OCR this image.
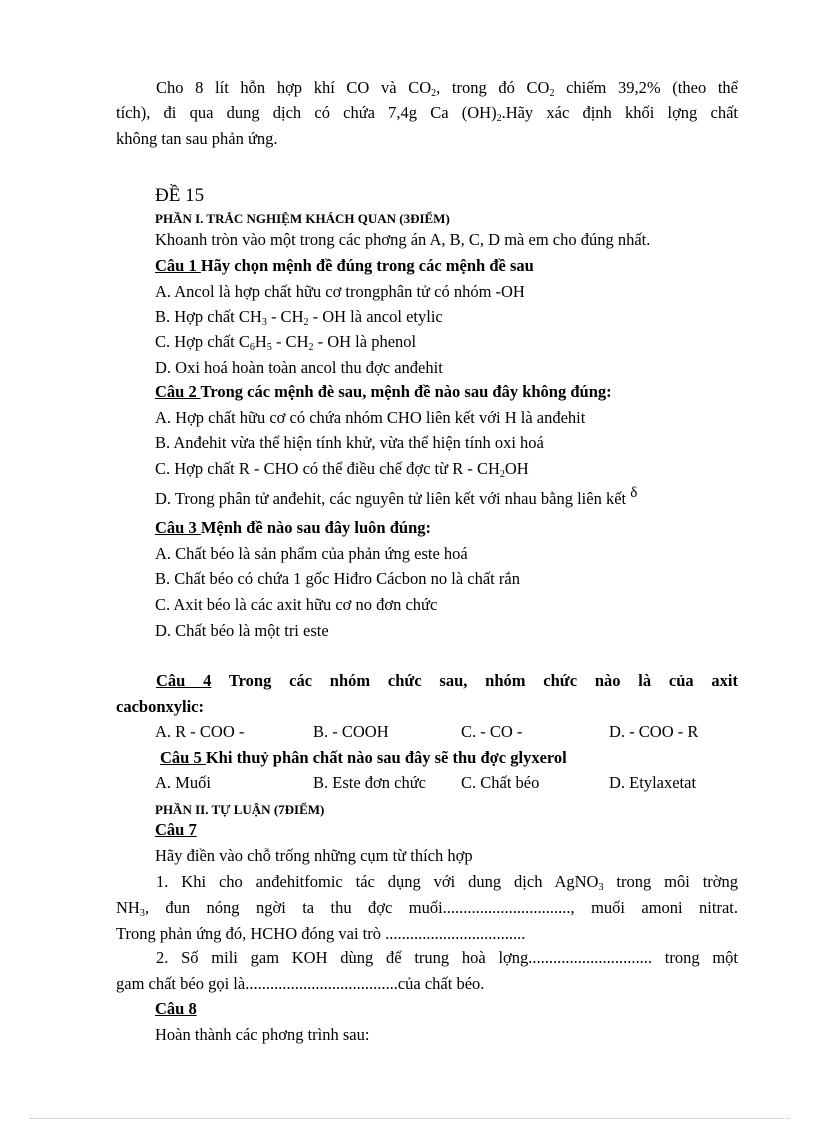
Cho 8 lít hỗn hợp khí CO và $CO_2$, trong đó $CO_2$ chiếm 39,2% (theo thể
tích), đi qua dung dịch có chứa 7,4g Ca $(OH)_2.Hãy$ xác định khối lợng chất
không tan sau phản ứng.
ĐỀ 15
PHẦN I. TRẮC NGHIỆM KHÁCH QUAN (3ĐIỂM)
Khoanh tròn vào một trong các phơng án A, B, C, D mà em cho đúng nhất.
Câu 1 Hãy chọn mệnh đề đúng trong các mệnh đề sau
A. Ancol là hợp chất hữu cơ trongphân tử có nhóm -OH
B. Hợp chất $CH_3 - CH_2$ - OH là ancol etylic
C. Hợp chất $C_6H_5 - CH_2$ - OH là phenol
D. Oxi hoá hoàn toàn ancol thu đợc anđehit
Câu 2 Trong các mệnh đè sau, mệnh đề nào sau đây không đúng:
A. Hợp chất hữu cơ có chứa nhóm CHO liên kết với H là anđehit
B. Anđehit vừa thể hiện tính khử, vừa thể hiện tính oxi hoá
C. Hợp chất R - CHO có thể điều chế đợc từ R - $CH_2OH$
D. Trong phân tử anđehit, các nguyên tử liên kết với nhau bằng liên kết δ
Câu 3 Mệnh đề nào sau đây luôn đúng:
A. Chất béo là sản phẩm của phản ứng este hoá
B. Chất béo có chứa 1 gốc Hiđro Cácbon no là chất rắn
C. Axit béo là các axit hữu cơ no đơn chức
D. Chất béo là một tri este
Câu 4 Trong các nhóm chức sau, nhóm chức nào là của axit
cacbonxylic:
A. R - COO -	B. - COOH	C. - CO -	D. - COO - R
Câu 5 Khi thuỷ phân chất nào sau đây sẽ thu đợc glyxerol
A. Muối	B. Este đơn chức C. Chất béo	D. Etylaxetat
PHẦN II. TỰ LUẬN (7ĐIỂM)
Câu 7
Hãy điền vào chỗ trống những cụm từ thích hợp
1. Khi cho anđehitfomic tác dụng với dung dịch AgNO$_3$ trong môi trờng
$NH_3$, đun nóng ngời ta thu đợc muối..............................., muối amoni nitrat.
Trong phản ứng đó, HCHO đóng vai trò ..................................
2. Số mili gam KOH dùng để trung hoà lợng.............................. trong một
gam chất béo gọi là.....................................của chất béo.
Câu 8
Hoàn thành các phơng trình sau:
